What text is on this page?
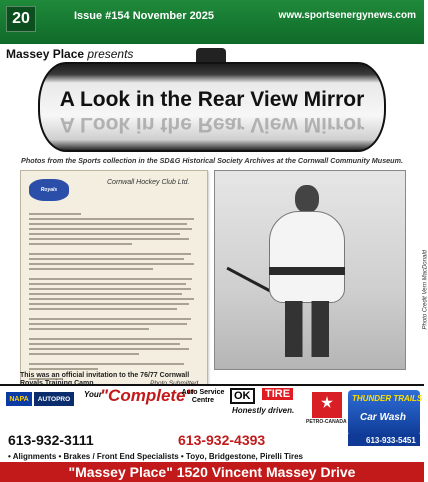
20	Issue #154 November 2025	www.sportsenergynews.com
Massey Place presents
A Look in the Rear View Mirror
A Look in the Rear View Mirror
Photos from the Sports collection in the SD&G Historical Society Archives at the Cornwall Community Museum.
Royals
Cornwall Hockey Club Ltd.
Photo Credit Vern MacDonald
This was an official invitation to the 76/77 Cornwall
NAPA	AUTOPRO	Your
"Complete"
Auto Service Centre	OK	TIRE
Honestly driven.
PETRO-CANADA
THUNDER TRAILS
Car Wash
613-932-3111	613-932-4393	613-933-5451
• Alignments • Brakes / Front End Specialists • Toyo, Bridgestone, Pirelli Tires
"Massey Place" 1520 Vincent Massey Drive
